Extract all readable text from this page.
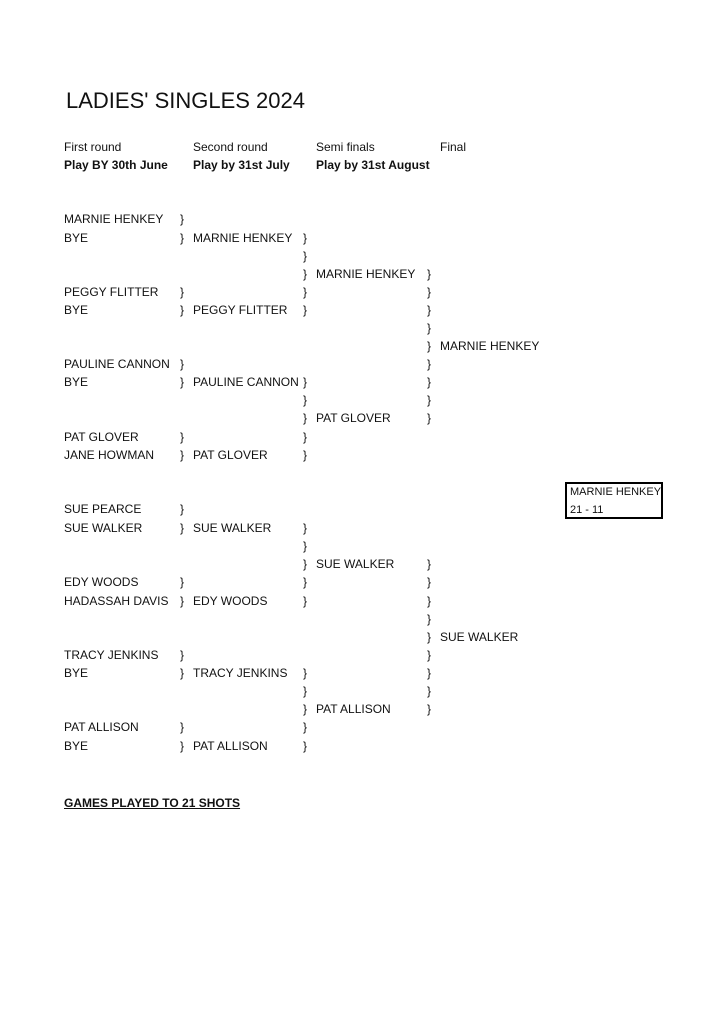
LADIES' SINGLES 2024
First round
Play BY 30th June
Second round
Play by 31st July
Semi finals
Play by 31st August
Final
MARNIE HENKEY
BYE
PEGGY FLITTER
BYE
PAULINE CANNON
BYE
PAT GLOVER
JANE HOWMAN
SUE PEARCE
SUE WALKER
EDY WOODS
HADASSAH DAVIS
TRACY JENKINS
BYE
PAT ALLISON
BYE
}
}
}
}
}
}
}
}
}
}
}
}
}
}
}
}
MARNIE HENKEY
PEGGY FLITTER
PAULINE CANNON
PAT GLOVER
SUE WALKER
EDY WOODS
TRACY JENKINS
PAT ALLISON
}
}
}
}
}
}
}
}
}
}
}
}
}
}
}
}
}
}
}
}
MARNIE HENKEY
PAT GLOVER
SUE WALKER
PAT ALLISON
}
}
}
}
}
}
}
}
}
}
}
}
}
}
}
}
}
}
MARNIE HENKEY
SUE WALKER
MARNIE HENKEY
21 - 11
GAMES PLAYED TO 21 SHOTS
